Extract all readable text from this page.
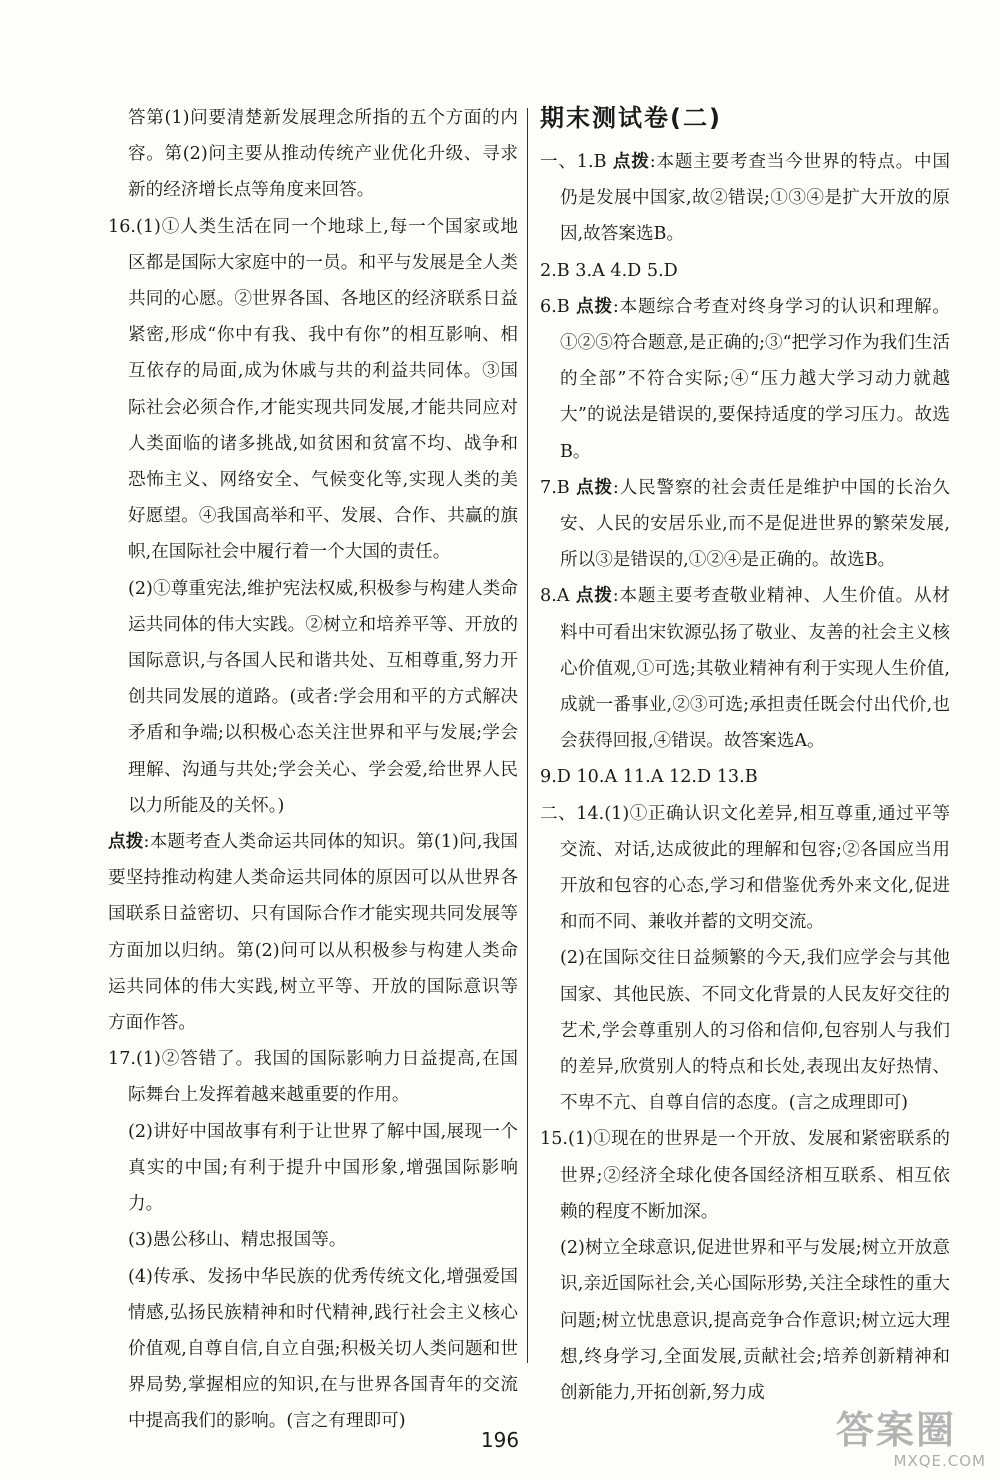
答第(1)问要清楚新发展理念所指的五个方面的内容。第(2)问主要从推动传统产业优化升级、寻求新的经济增长点等角度来回答。

16.(1)①人类生活在同一个地球上,每一个国家或地区都是国际大家庭中的一员。和平与发展是全人类共同的心愿。②世界各国、各地区的经济联系日益紧密,形成“你中有我、我中有你”的相互影响、相互依存的局面,成为休戚与共的利益共同体。③国际社会必须合作,才能实现共同发展,才能共同应对人类面临的诸多挑战,如贫困和贫富不均、战争和恐怖主义、网络安全、气候变化等,实现人类的美好愿望。④我国高举和平、发展、合作、共赢的旗帜,在国际社会中履行着一个大国的责任。

(2)①尊重宪法,维护宪法权威,积极参与构建人类命运共同体的伟大实践。②树立和培养平等、开放的国际意识,与各国人民和谐共处、互相尊重,努力开创共同发展的道路。(或者:学会用和平的方式解决矛盾和争端;以积极心态关注世界和平与发展;学会理解、沟通与共处;学会关心、学会爱,给世界人民以力所能及的关怀。)

点拨:本题考查人类命运共同体的知识。第(1)问,我国要坚持推动构建人类命运共同体的原因可以从世界各国联系日益密切、只有国际合作才能实现共同发展等方面加以归纳。第(2)问可以从积极参与构建人类命运共同体的伟大实践,树立平等、开放的国际意识等方面作答。

17.(1)②答错了。我国的国际影响力日益提高,在国际舞台上发挥着越来越重要的作用。

(2)讲好中国故事有利于让世界了解中国,展现一个真实的中国;有利于提升中国形象,增强国际影响力。

(3)愚公移山、精忠报国等。

(4)传承、发扬中华民族的优秀传统文化,增强爱国情感,弘扬民族精神和时代精神,践行社会主义核心价值观,自尊自信,自立自强;积极关切人类问题和世界局势,掌握相应的知识,在与世界各国青年的交流中提高我们的影响。(言之有理即可)

期末测试卷(二)

一、1.B 点拨:本题主要考查当今世界的特点。中国仍是发展中国家,故②错误;①③④是扩大开放的原因,故答案选B。

2.B 3.A 4.D 5.D

6.B 点拨:本题综合考查对终身学习的认识和理解。①②⑤符合题意,是正确的;③“把学习作为我们生活的全部”不符合实际;④“压力越大学习动力就越大”的说法是错误的,要保持适度的学习压力。故选B。

7.B 点拨:人民警察的社会责任是维护中国的长治久安、人民的安居乐业,而不是促进世界的繁荣发展,所以③是错误的,①②④是正确的。故选B。

8.A 点拨:本题主要考查敬业精神、人生价值。从材料中可看出宋钦源弘扬了敬业、友善的社会主义核心价值观,①可选;其敬业精神有利于实现人生价值,成就一番事业,②③可选;承担责任既会付出代价,也会获得回报,④错误。故答案选A。

9.D 10.A 11.A 12.D 13.B

二、14.(1)①正确认识文化差异,相互尊重,通过平等交流、对话,达成彼此的理解和包容;②各国应当用开放和包容的心态,学习和借鉴优秀外来文化,促进和而不同、兼收并蓄的文明交流。

(2)在国际交往日益频繁的今天,我们应学会与其他国家、其他民族、不同文化背景的人民友好交往的艺术,学会尊重别人的习俗和信仰,包容别人与我们的差异,欣赏别人的特点和长处,表现出友好热情、不卑不亢、自尊自信的态度。(言之成理即可)

15.(1)①现在的世界是一个开放、发展和紧密联系的世界;②经济全球化使各国经济相互联系、相互依赖的程度不断加深。

(2)树立全球意识,促进世界和平与发展;树立开放意识,亲近国际社会,关心国际形势,关注全球性的重大问题;树立忧患意识,提高竞争合作意识;树立远大理想,终身学习,全面发展,贡献社会;培养创新精神和创新能力,开拓创新,努力成

196	答案圈
MXQE.COM
